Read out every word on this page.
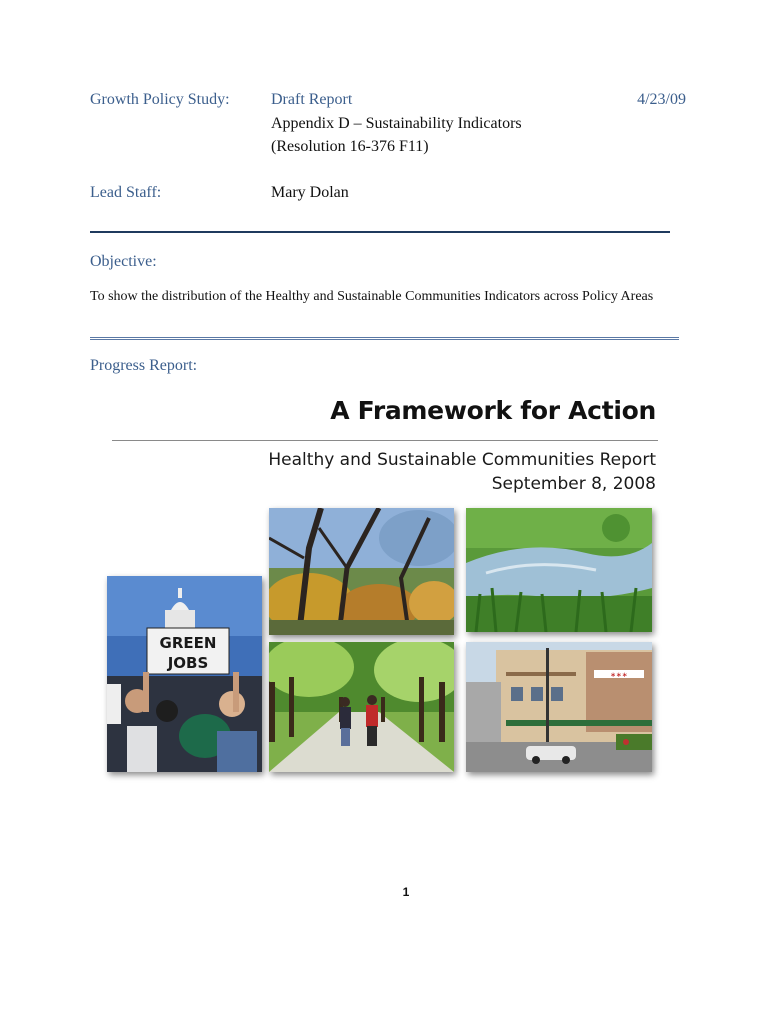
Growth Policy Study:	Draft Report	4/23/09
Appendix D – Sustainability Indicators
(Resolution 16-376 F11)
Lead Staff:	Mary Dolan
Objective:
To show the distribution of the Healthy and Sustainable Communities Indicators across Policy Areas
Progress Report:
A Framework for Action
Healthy and Sustainable Communities Report
September 8, 2008
GREEN
JOBS
∗∗∗
1
